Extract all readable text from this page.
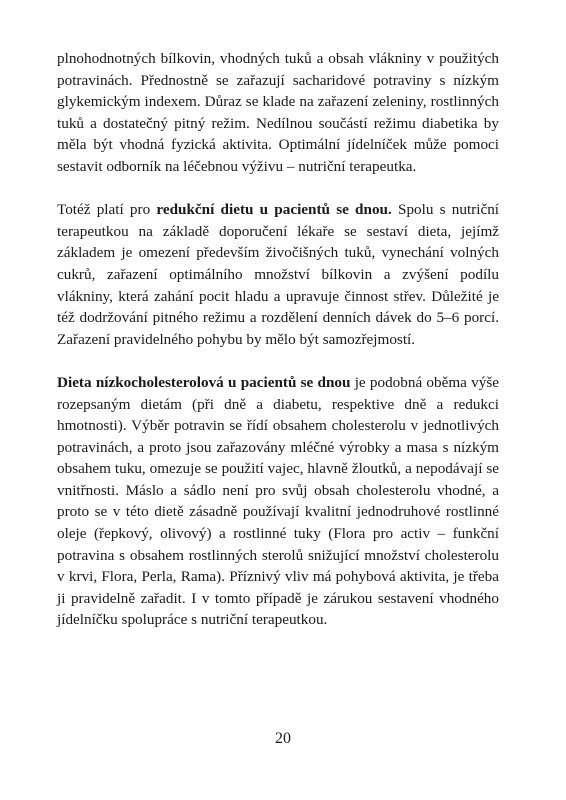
plnohodnotných bílkovin, vhodných tuků a obsah vlákniny v použitých potravinách. Přednostně se zařazují sacharidové potraviny s nízkým glykemickým indexem. Důraz se klade na zařazení zeleniny, rostlinných tuků a dostatečný pitný režim. Nedílnou součástí režimu diabetika by měla být vhodná fyzická aktivita. Optimální jídelníček může pomoci sestavit odborník na léčebnou výživu – nutriční terapeutka.

Totéž platí pro redukční dietu u pacientů se dnou. Spolu s nutriční terapeutkou na základě doporučení lékaře se sestaví dieta, jejímž základem je omezení především živočišných tuků, vynechání volných cukrů, zařazení optimálního množství bílkovin a zvýšení podílu vlákniny, která zahání pocit hladu a upravuje činnost střev. Důležité je též dodržování pitného režimu a rozdělení denních dávek do 5–6 porcí. Zařazení pravidelného pohybu by mělo být samozřejmostí.

Dieta nízkocholesterolová u pacientů se dnou je podobná oběma výše rozepsaným dietám (při dně a diabetu, respektive dně a redukci hmotnosti). Výběr potravin se řídí obsahem cholesterolu v jednotlivých potravinách, a proto jsou zařazovány mléčné výrobky a masa s nízkým obsahem tuku, omezuje se použití vajec, hlavně žloutků, a nepodávají se vnitřnosti. Máslo a sádlo není pro svůj obsah cholesterolu vhodné, a proto se v této dietě zásadně používají kvalitní jednodruhové rostlinné oleje (řepkový, olivový) a rostlinné tuky (Flora pro activ – funkční potravina s obsahem rostlinných sterolů snižující množství cholesterolu v krvi, Flora, Perla, Rama). Příznivý vliv má pohybová aktivita, je třeba ji pravidelně zařadit. I v tomto případě je zárukou sestavení vhodného jídelníčku spolupráce s nutriční terapeutkou.

20
